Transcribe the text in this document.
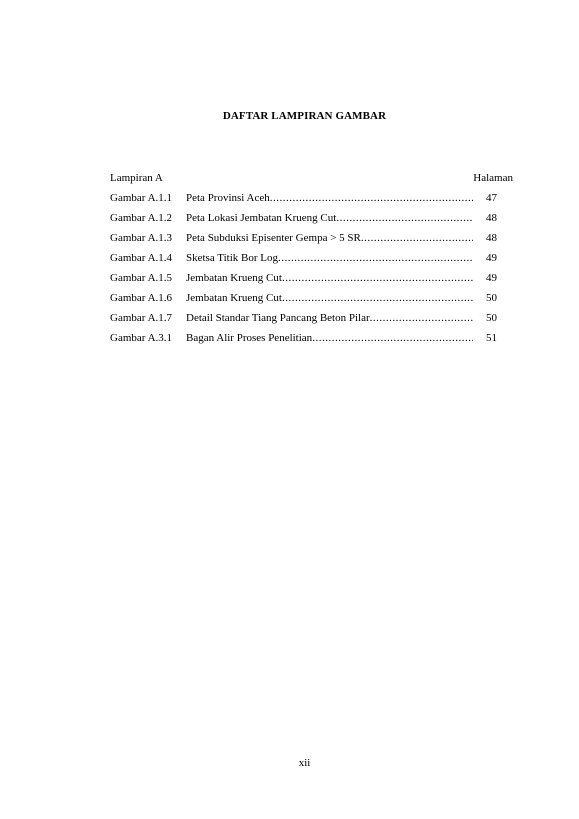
DAFTAR LAMPIRAN GAMBAR
Lampiran A	Halaman
Gambar A.1.1	Peta Provinsi Aceh .....	47
Gambar A.1.2	Peta Lokasi Jembatan Krueng Cut .....	48
Gambar A.1.3	Peta Subduksi Episenter Gempa > 5 SR .....	48
Gambar A.1.4	Sketsa Titik Bor Log .....	49
Gambar A.1.5	Jembatan Krueng Cut .....	49
Gambar A.1.6	Jembatan Krueng Cut .....	50
Gambar A.1.7	Detail Standar Tiang Pancang Beton Pilar .....	50
Gambar A.3.1	Bagan Alir Proses Penelitian .....	51
xii
